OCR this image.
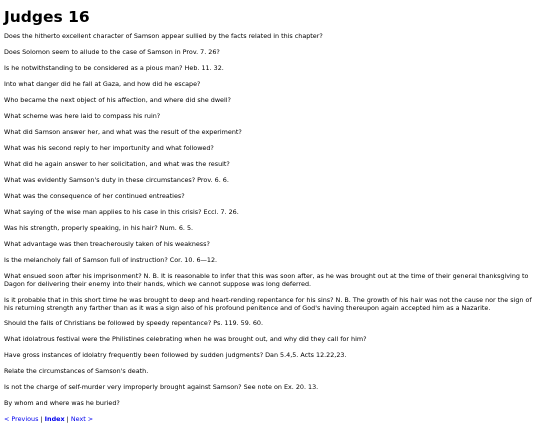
Judges 16

Does the hitherto excellent character of Samson appear sullied by the facts related in this chapter?

Does Solomon seem to allude to the case of Samson in Prov. 7. 26?

Is he notwithstanding to be considered as a pious man? Heb. 11. 32.

Into what danger did he fall at Gaza, and how did he escape?

Who became the next object of his affection, and where did she dwell?

What scheme was here laid to compass his ruin?

What did Samson answer her, and what was the result of the experiment?

What was his second reply to her importunity and what followed?

What did he again answer to her solicitation, and what was the result?

What was evidently Samson's duty in these circumstances? Prov. 6. 6.

What was the consequence of her continued entreaties?

What saying of the wise man applies to his case in this crisis? Eccl. 7. 26.

Was his strength, properly speaking, in his hair? Num. 6. 5.

What advantage was then treacherously taken of his weakness?

Is the melancholy fall of Samson full of instruction? Cor. 10. 6—12.

What ensued soon after his imprisonment? N. B. It is reasonable to infer that this was soon after, as he was brought out at the time of their general thanksgiving to Dagon for delivering their enemy into their hands, which we cannot suppose was long deferred.

Is it probable that in this short time he was brought to deep and heart-rending repentance for his sins? N. B. The growth of his hair was not the cause nor the sign of his returning strength any farther than as it was a sign also of his profound penitence and of God's having thereupon again accepted him as a Nazarite.

Should the falls of Christians be followed by speedy repentance? Ps. 119. 59. 60.

What idolatrous festival were the Philistines celebrating when he was brought out, and why did they call for him?

Have gross instances of idolatry frequently been followed by sudden judgments? Dan 5.4,5. Acts 12.22,23.

Relate the circumstances of Samson's death.

Is not the charge of self-murder very improperly brought against Samson? See note on Ex. 20. 13.

By whom and where was he buried?

< Previous | Index | Next >
